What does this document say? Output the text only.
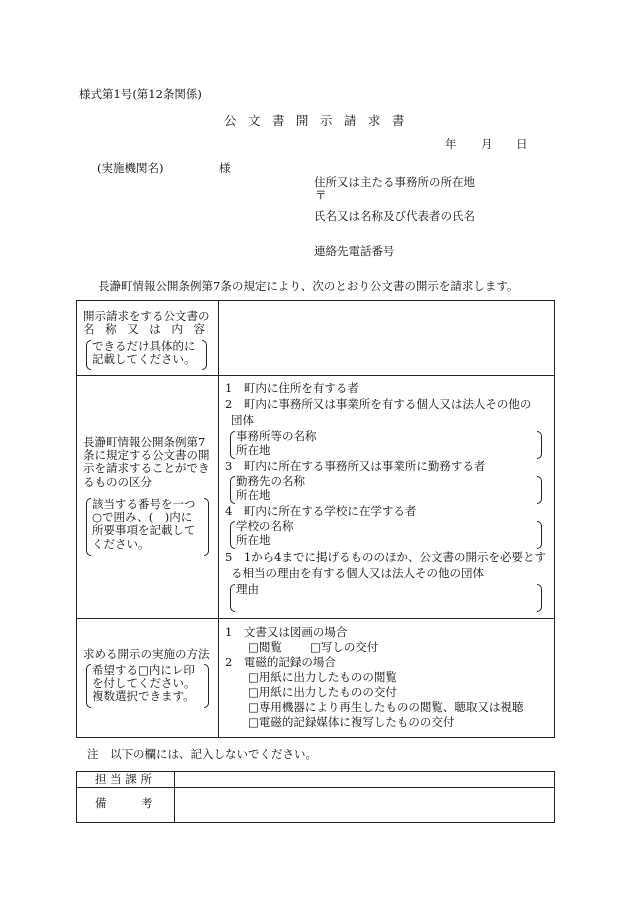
様式第1号(第12条関係)
公 文 書 開 示 請 求 書
年 月 日
(実施機関名)	様
住所又は主たる事務所の所在地
〒
氏名又は名称及び代表者の氏名
連絡先電話番号
長瀞町情報公開条例第7条の規定により、次のとおり公文書の開示を請求します。
開示請求をする公文書の
名 称 又 は 内 容
できるだけ具体的に
記載してください。
長瀞町情報公開条例第7
条に規定する公文書の開
示を請求することができ
るものの区分
該当する番号を一つ
○で囲み、(　)内に
所要事項を記載して
ください。
1　町内に住所を有する者
2　町内に事務所又は事業所を有する個人又は法人その他の
団体
事務所等の名称
所在地
3　町内に所在する事務所又は事業所に勤務する者
勤務先の名称
所在地
4　町内に所在する学校に在学する者
学校の名称
所在地
5　1から4までに掲げるもののほか、公文書の開示を必要とす
る相当の理由を有する個人又は法人その他の団体
理由
求める開示の実施の方法
希望する□内にレ印
を付してください。
複数選択できます。
1　文書又は図画の場合
□閲覧 □写しの交付
2　電磁的記録の場合
□用紙に出力したものの閲覧
□用紙に出力したものの交付
□専用機器により再生したものの閲覧、聴取又は視聴
□電磁的記録媒体に複写したものの交付
注　以下の欄には、記入しないでください。
担 当 課 所
備　　　考
